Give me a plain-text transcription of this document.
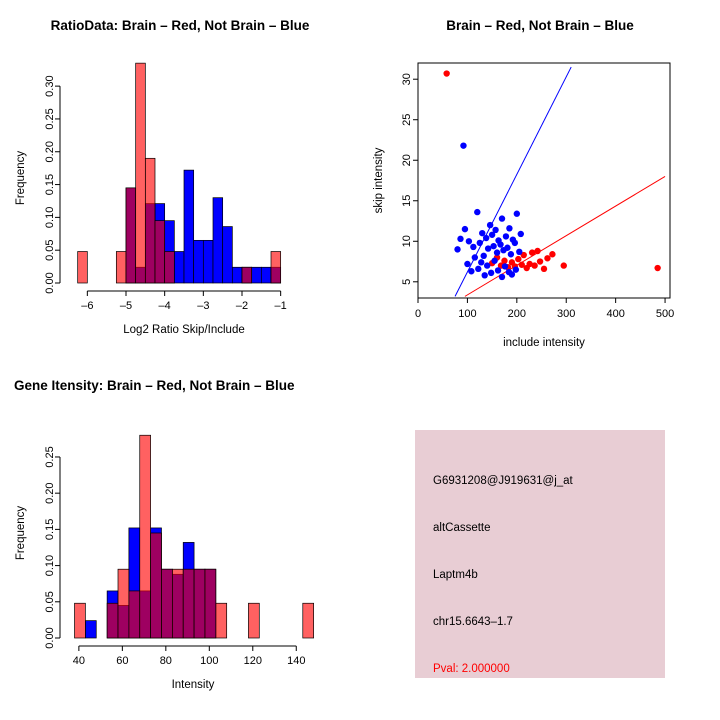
RatioData: Brain – Red, Not Brain – Blue
0.00
0.05
0.10
0.15
0.20
0.25
0.30
–6 –5 –4 –3 –2 –1
Log2 Ratio Skip/Include
Frequency
Brain – Red, Not Brain – Blue
0	100	200	300	400	500
5
10
15
20
25
30
include intensity
skip intensity
Gene Itensity: Brain – Red, Not Brain – Blue
0.00
0.05
0.10
0.15
0.20
0.25
40	60	80	100 120 140
Intensity
Frequency
G6931208@J919631@j_at
altCassette
Laptm4b
chr15.6643–1.7
Pval: 2.000000
